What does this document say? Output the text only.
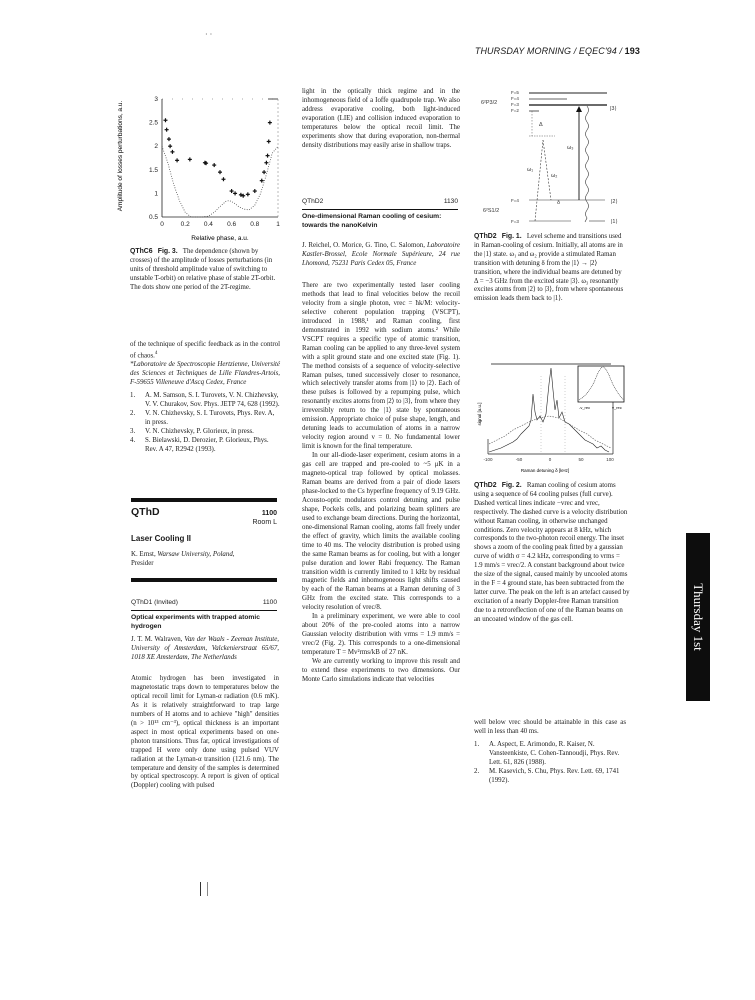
· ·
THURSDAY MORNING / EQEC'94 / 193
Amplitude of losses perturbations, a.u.
0.5
1
1.5
2
2.5
3
0	0.2 0.4 0.6 0.8	1
Relative phase, a.u.
QThC6 Fig. 3. The dependence (shown by crosses) of the amplitude of losses perturbations (in units of threshold amplitude value of switching to unstable T-orbit) on relative phase of stable 2T-orbit. The dots show one period of the 2T-regime.

of the technique of specific feedback as in the control of chaos.$^4$

*Laboratoire de Spectroscopie Hertzienne, Université des Sciences et Techniques de Lille Flandres-Artois, F-59655 Villeneuve d'Ascq Cedex, France

1. A. M. Samson, S. I. Turovets, V. N. Chizhevsky, V. V. Churakov, Sov. Phys. JETP 74, 628 (1992).
2. V. N. Chizhevsky, S. I. Turovets, Phys. Rev. A, in press.
3. V. N. Chizhevsky, P. Glorieux, in press.
4. S. Bielawski, D. Derozier, P. Glorieux, Phys. Rev. A 47, R2942 (1993).
QThD	1100
Room L
Laser Cooling II
K. Ernst, Warsaw University, Poland,
Presider
QThD1 (Invited)	1100
Optical experiments with trapped atomic hydrogen

J. T. M. Walraven, Van der Waals - Zeeman Institute, University of Amsterdam, Valckenierstraat 65/67, 1018 XE Amsterdam, The Netherlands

Atomic hydrogen has been investigated in magnetostatic traps down to temperatures below the optical recoil limit for Lyman-α radiation (0.6 mK). As it is relatively straightforward to trap large numbers of H atoms and to achieve "high" densities (n > 10¹³ cm⁻³), optical thickness is an important aspect in most optical experiments based on one-photon transitions. Thus far, optical investigations of trapped H were only done using pulsed VUV radiation at the Lyman-α transition (121.6 nm). The temperature and density of the samples is determined by optical spectroscopy. A report is given of optical (Doppler) cooling with pulsed

light in the optically thick regime and in the inhomogeneous field of a Ioffe quadrupole trap. We also address evaporative cooling, both light-induced evaporation (LIE) and collision induced evaporation to temperatures below the optical recoil limit. The experiments show that during evaporation, non-thermal density distributions may easily arise in shallow traps.

QThD2	1130
One-dimensional Raman cooling of cesium: towards the nanoKelvin

J. Reichel, O. Morice, G. Tino, C. Salomon, Laboratoire Kastler-Brossel, Ecole Normale Supérieure, 24 rue Lhomond, 75231 Paris Cedex 05, France

There are two experimentally tested laser cooling methods that lead to final velocities below the recoil velocity from a single photon, vrec = ħk/M: velocity-selective coherent population trapping (VSCPT), introduced in 1988,¹ and Raman cooling, first demonstrated in 1992 with sodium atoms.² While VSCPT requires a specific type of atomic transition, Raman cooling can be applied to any three-level system with a split ground state and one excited state (Fig. 1). The method consists of a sequence of velocity-selective Raman pulses, tuned successively closer to resonance, which selectively transfer atoms from |1⟩ to |2⟩. Each of these pulses is followed by a repumping pulse, which resonantly excites atoms from |2⟩ to |3⟩, from where they irreversibly return to the |1⟩ state by spontaneous emission. Appropriate choice of pulse shape, length, and detuning leads to accumulation of atoms in a narrow velocity region around v = 0. No fundamental lower limit is known for the final temperature.

In our all-diode-laser experiment, cesium atoms in a gas cell are trapped and pre-cooled to ~5 μK in a magneto-optical trap followed by optical molasses. Raman beams are derived from a pair of diode lasers phase-locked to the Cs hyperfine frequency of 9.19 GHz. Acousto-optic modulators control detuning and pulse shape, Pockels cells, and polarizing beam splitters are used to exchange beam directions. During the horizontal, one-dimensional Raman cooling, atoms fall freely under the effect of gravity, which limits the available cooling time to 40 ms. The velocity distribution is probed using the same Raman beams as for cooling, but with a longer pulse duration and lower Rabi frequency. The Raman transition width is currently limited to 1 kHz by residual magnetic fields and inhomogeneous light shifts caused by each of the Raman beams at a Raman detuning of 3 GHz from the excited state. This corresponds to a velocity resolution of vrec/8.

In a preliminary experiment, we were able to cool about 20% of the pre-cooled atoms into a narrow Gaussian velocity distribution with vrms = 1.9 mm/s = vrec/2 (Fig. 2). This corresponds to a one-dimensional temperature T = Mv²rms/kB of 27 nK.

We are currently working to improve this result and to extend these experiments to two dimensions. Our Monte Carlo simulations indicate that velocities

6²P3/2
6²S1/2
F=5
F=4
F=3
F=2
F=4
F=3
|3⟩
|2⟩
|1⟩
Δ
ω₃
ω₁
ω₂
δ
QThD2 Fig. 1. Level scheme and transitions used in Raman-cooling of cesium. Initially, all atoms are in the |1⟩ state. ω₁ and ω₂ provide a stimulated Raman transition with detuning δ from the |1⟩ → |2⟩ transition, where the individual beams are detuned by Δ = −3 GHz from the excited state |3⟩. ω₃ resonantly excites atoms from |2⟩ to |3⟩, from where spontaneous emission leads them back to |1⟩.
signal [a.u.]
-100	-50	0	50	100
Raman detuning δ [kHz]
-v_rec	v_rec
QThD2 Fig. 2. Raman cooling of cesium atoms using a sequence of 64 cooling pulses (full curve). Dashed vertical lines indicate −vrec and vrec, respectively. The dashed curve is a velocity distribution without Raman cooling, in otherwise unchanged conditions. Zero velocity appears at 8 kHz, which corresponds to the two-photon recoil energy. The inset shows a zoom of the cooling peak fitted by a gaussian curve of width σ = 4.2 kHz, corresponding to vrms = 1.9 mm/s = vrec/2. A constant background about twice the size of the signal, caused mainly by uncooled atoms in the F = 4 ground state, has been subtracted from the latter curve. The peak on the left is an artefact caused by excitation of a nearly Doppler-free Raman transition due to a retroreflection of one of the Raman beams on an uncoated window of the gas cell.

well below vrec should be attainable in this case as well in less than 40 ms.

1. A. Aspect, E. Arimondo, R. Kaiser, N. Vansteenkiste, C. Cohen-Tannoudji, Phys. Rev. Lett. 61, 826 (1988).
2. M. Kasevich, S. Chu, Phys. Rev. Lett. 69, 1741 (1992).
Thursday 1st
